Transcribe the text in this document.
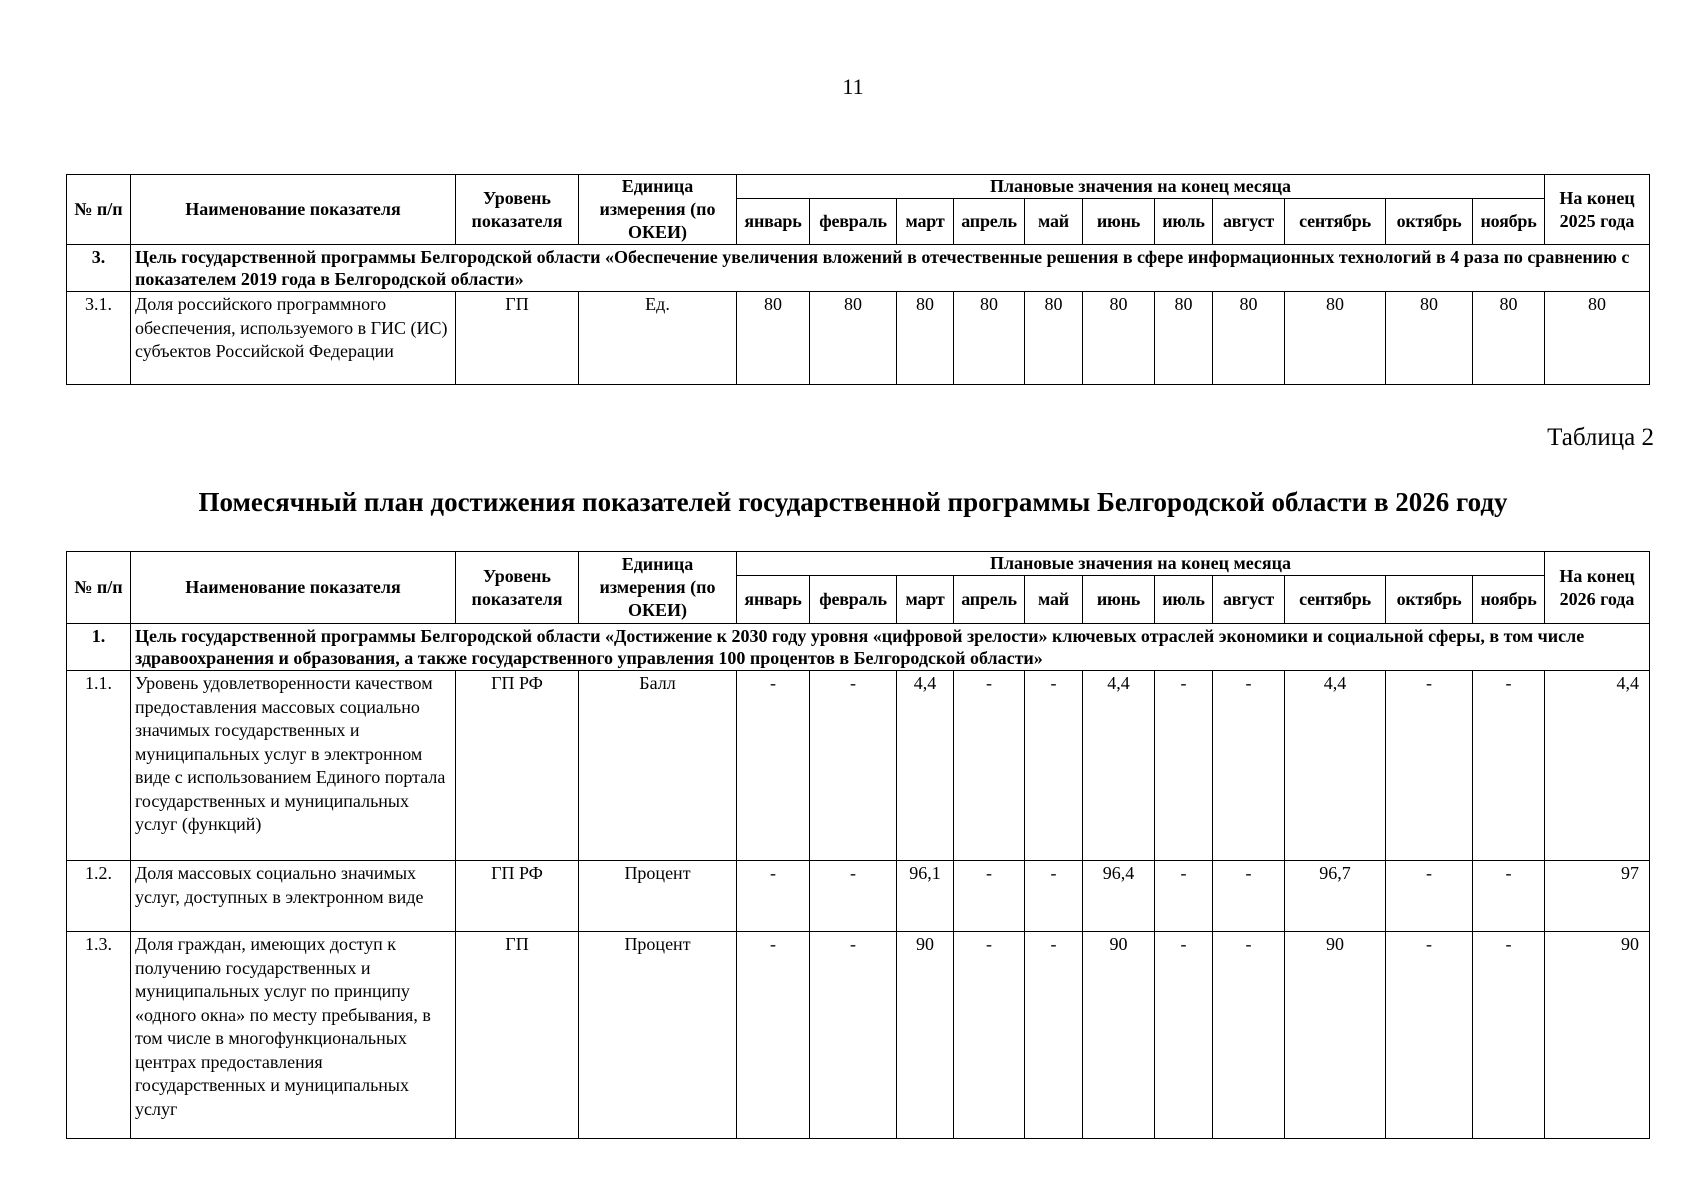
11
№ п/п	Наименование показателя	Уровень показателя	Единица измерения (по ОКЕИ)	Плановые значения на конец месяца											На конец 2025 года
				январь	февраль	март	апрель	май	июнь	июль	август	сентябрь	октябрь	ноябрь	
3.	Цель государственной программы Белгородской области «Обеспечение увеличения вложений в отечественные решения в сфере информационных технологий в 4 раза по сравнению с показателем 2019 года в Белгородской области»														
3.1.	Доля российского программного обеспечения, используемого в ГИС (ИС) субъектов Российской Федерации	ГП	Ед.	80	80	80	80	80	80	80	80	80	80	80	80
Таблица 2
Помесячный план достижения показателей государственной программы Белгородской области в 2026 году
№ п/п	Наименование показателя	Уровень показателя	Единица измерения (по ОКЕИ)	Плановые значения на конец месяца											На конец 2026 года
				январь	февраль	март	апрель	май	июнь	июль	август	сентябрь	октябрь	ноябрь	
1.	Цель государственной программы Белгородской области «Достижение к 2030 году уровня «цифровой зрелости» ключевых отраслей экономики и социальной сферы, в том числе здравоохранения и образования, а также государственного управления 100 процентов в Белгородской области»														
1.1.	Уровень удовлетворенности качеством предоставления массовых социально значимых государственных и муниципальных услуг в электронном виде с использованием Единого портала государственных и муниципальных услуг (функций)	ГП РФ	Балл	-	-	4,4	-	-	4,4	-	-	4,4	-	-	4,4
1.2.	Доля массовых социально значимых услуг, доступных в электронном виде	ГП РФ	Процент	-	-	96,1	-	-	96,4	-	-	96,7	-	-	97
1.3.	Доля граждан, имеющих доступ к получению государственных и муниципальных услуг по принципу «одного окна» по месту пребывания, в том числе в многофункциональных центрах предоставления государственных и муниципальных услуг	ГП	Процент	-	-	90	-	-	90	-	-	90	-	-	90
